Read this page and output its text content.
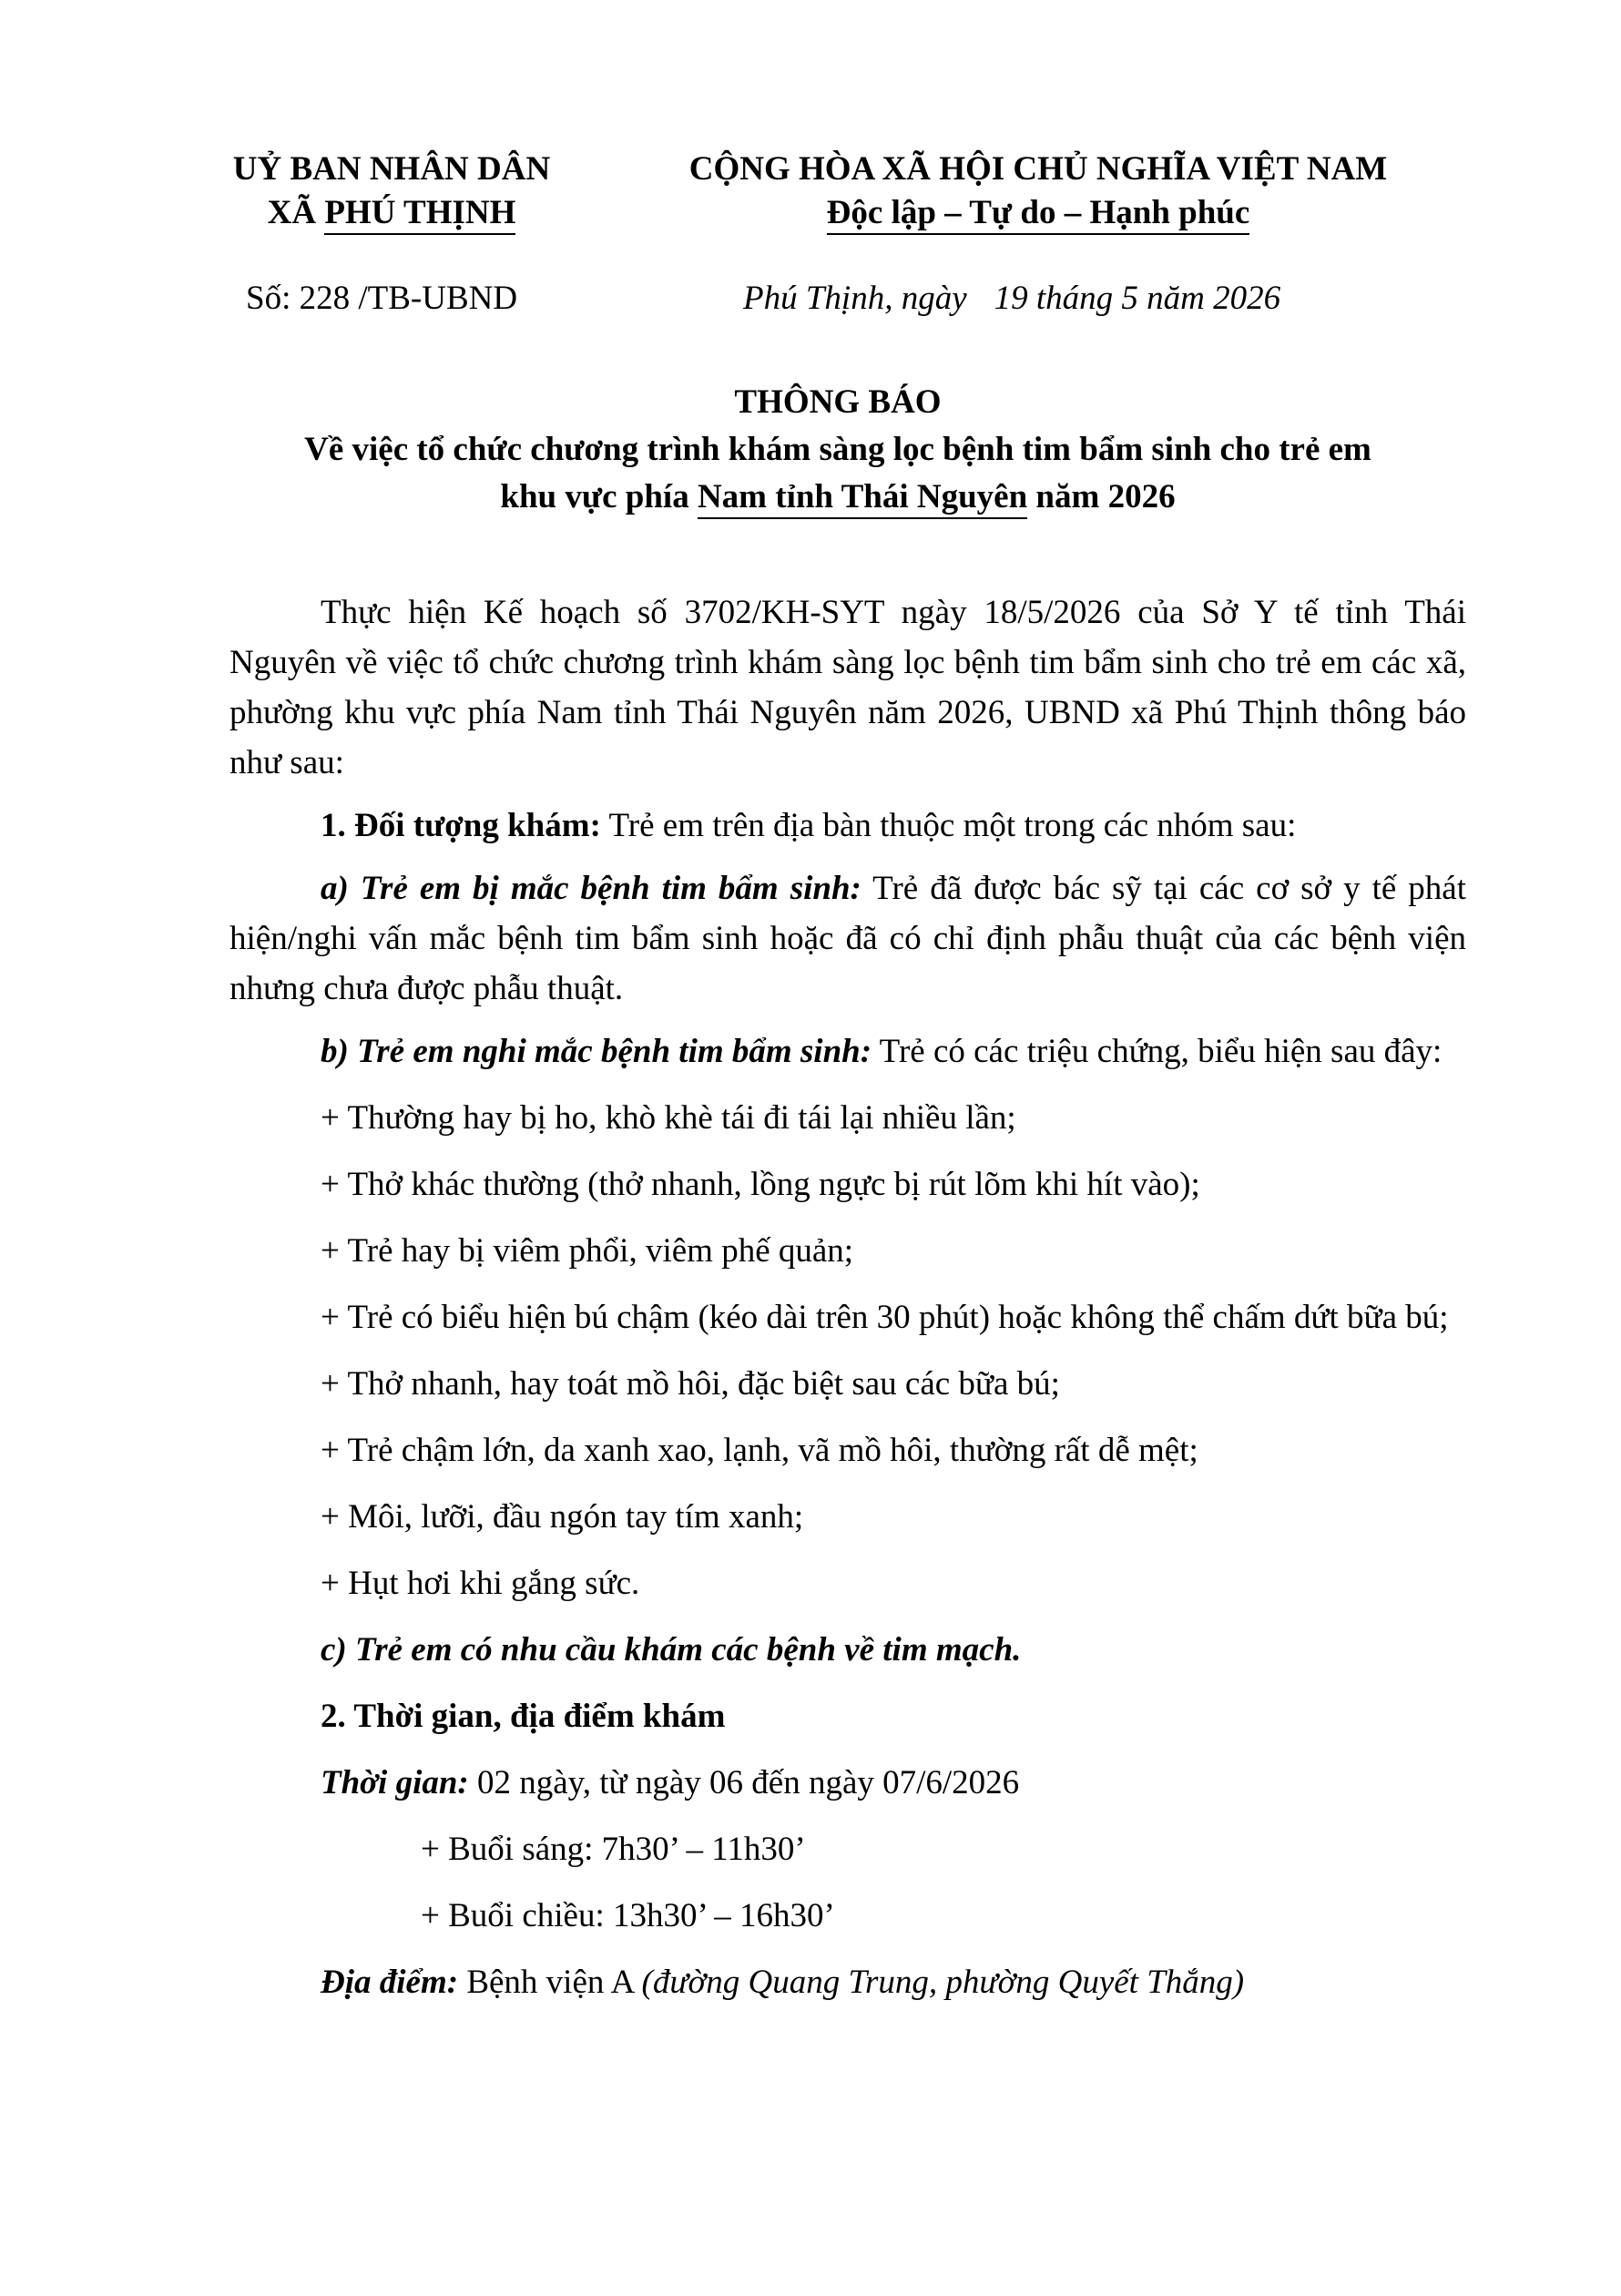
UỶ BAN NHÂN DÂN
XÃ PHÚ THỊNH
CỘNG HÒA XÃ HỘI CHỦ NGHĨA VIỆT NAM
Độc lập – Tự do – Hạnh phúc
Số: 228 /TB-UBND	Phú Thịnh, ngày 19 tháng 5 năm 2026
THÔNG BÁO
Về việc tổ chức chương trình khám sàng lọc bệnh tim bẩm sinh cho trẻ em
khu vực phía Nam tỉnh Thái Nguyên năm 2026

Thực hiện Kế hoạch số 3702/KH-SYT ngày 18/5/2026 của Sở Y tế tỉnh Thái Nguyên về việc tổ chức chương trình khám sàng lọc bệnh tim bẩm sinh cho trẻ em các xã, phường khu vực phía Nam tỉnh Thái Nguyên năm 2026, UBND xã Phú Thịnh thông báo như sau:

1. Đối tượng khám: Trẻ em trên địa bàn thuộc một trong các nhóm sau:

a) Trẻ em bị mắc bệnh tim bẩm sinh: Trẻ đã được bác sỹ tại các cơ sở y tế phát hiện/nghi vấn mắc bệnh tim bẩm sinh hoặc đã có chỉ định phẫu thuật của các bệnh viện nhưng chưa được phẫu thuật.

b) Trẻ em nghi mắc bệnh tim bẩm sinh: Trẻ có các triệu chứng, biểu hiện sau đây:

+ Thường hay bị ho, khò khè tái đi tái lại nhiều lần;

+ Thở khác thường (thở nhanh, lồng ngực bị rút lõm khi hít vào);

+ Trẻ hay bị viêm phổi, viêm phế quản;

+ Trẻ có biểu hiện bú chậm (kéo dài trên 30 phút) hoặc không thể chấm dứt bữa bú;

+ Thở nhanh, hay toát mồ hôi, đặc biệt sau các bữa bú;

+ Trẻ chậm lớn, da xanh xao, lạnh, vã mồ hôi, thường rất dễ mệt;

+ Môi, lưỡi, đầu ngón tay tím xanh;

+ Hụt hơi khi gắng sức.

c) Trẻ em có nhu cầu khám các bệnh về tim mạch.

2. Thời gian, địa điểm khám

Thời gian: 02 ngày, từ ngày 06 đến ngày 07/6/2026

+ Buổi sáng: 7h30’ – 11h30’

+ Buổi chiều: 13h30’ – 16h30’

Địa điểm: Bệnh viện A (đường Quang Trung, phường Quyết Thắng)
